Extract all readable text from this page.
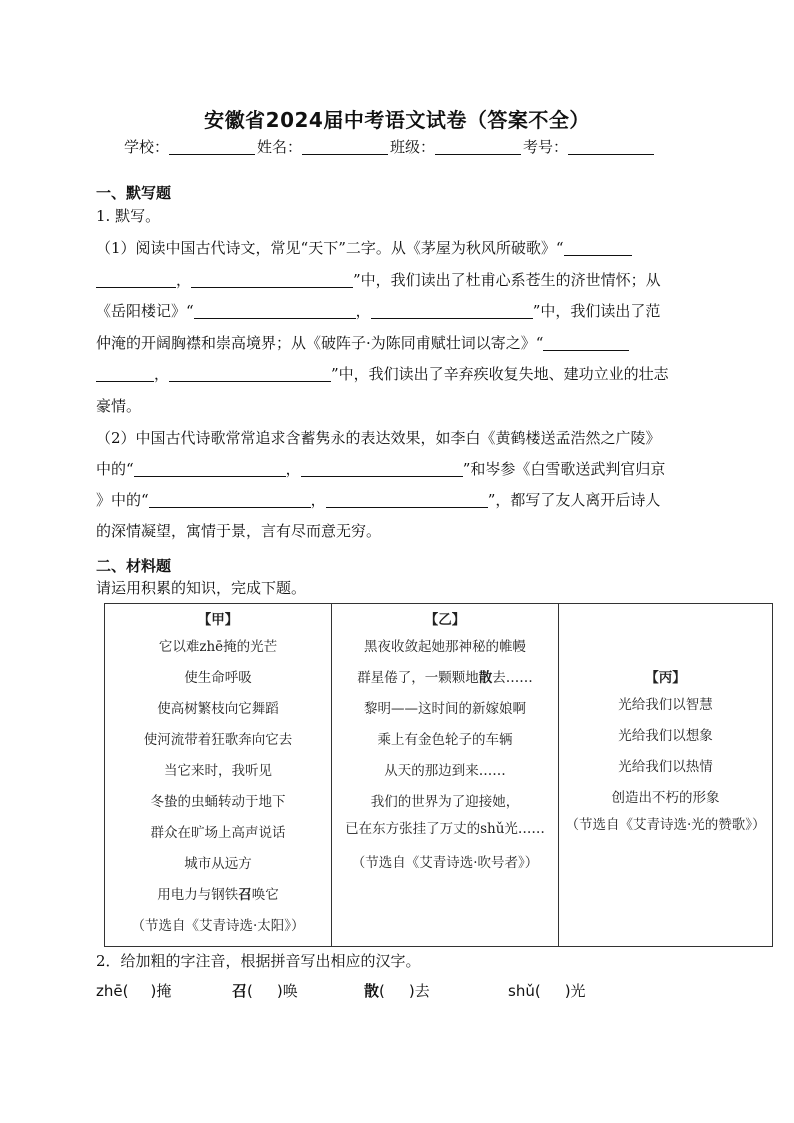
安徽省2024届中考语文试卷（答案不全）
学校：	姓名：	班级：	考号：
一、默写题
1. 默写。
（1）阅读中国古代诗文，常见“天下”二字。从《茅屋为秋风所破歌》“
，	”中，我们读出了杜甫心系苍生的济世情怀；从
《岳阳楼记》“	，	”中，我们读出了范
仲淹的开阔胸襟和崇高境界；从《破阵子·为陈同甫赋壮词以寄之》“
，	”中，我们读出了辛弃疾收复失地、建功立业的壮志
豪情。
（2）中国古代诗歌常常追求含蓄隽永的表达效果，如李白《黄鹤楼送孟浩然之广陵》
中的“	，	”和岑参《白雪歌送武判官归京
》中的“	，	”，都写了友人离开后诗人
的深情凝望，寓情于景，言有尽而意无穷。
二、材料题
请运用积累的知识，完成下题。
【甲】
它以难zhē掩的光芒
使生命呼吸
使高树繁枝向它舞蹈
使河流带着狂歌奔向它去
当它来时，我听见
冬蛰的虫蛹转动于地下
群众在旷场上高声说话
城市从远方
用电力与钢铁召唤它
（节选自《艾青诗选·太阳》）

【乙】
黑夜收敛起她那神秘的帷幔
群星倦了，一颗颗地散去……
黎明——这时间的新嫁娘啊
乘上有金色轮子的车辆
从天的那边到来……
我们的世界为了迎接她，
已在东方张挂了万丈的shǔ光……
（节选自《艾青诗选·吹号者》）

【丙】
光给我们以智慧
光给我们以想象
光给我们以热情
创造出不朽的形象
（节选自《艾青诗选·光的赞歌》）
2．给加粗的字注音，根据拼音写出相应的汉字。
zhē( )掩	召( )唤	散( )去	shǔ( )光
